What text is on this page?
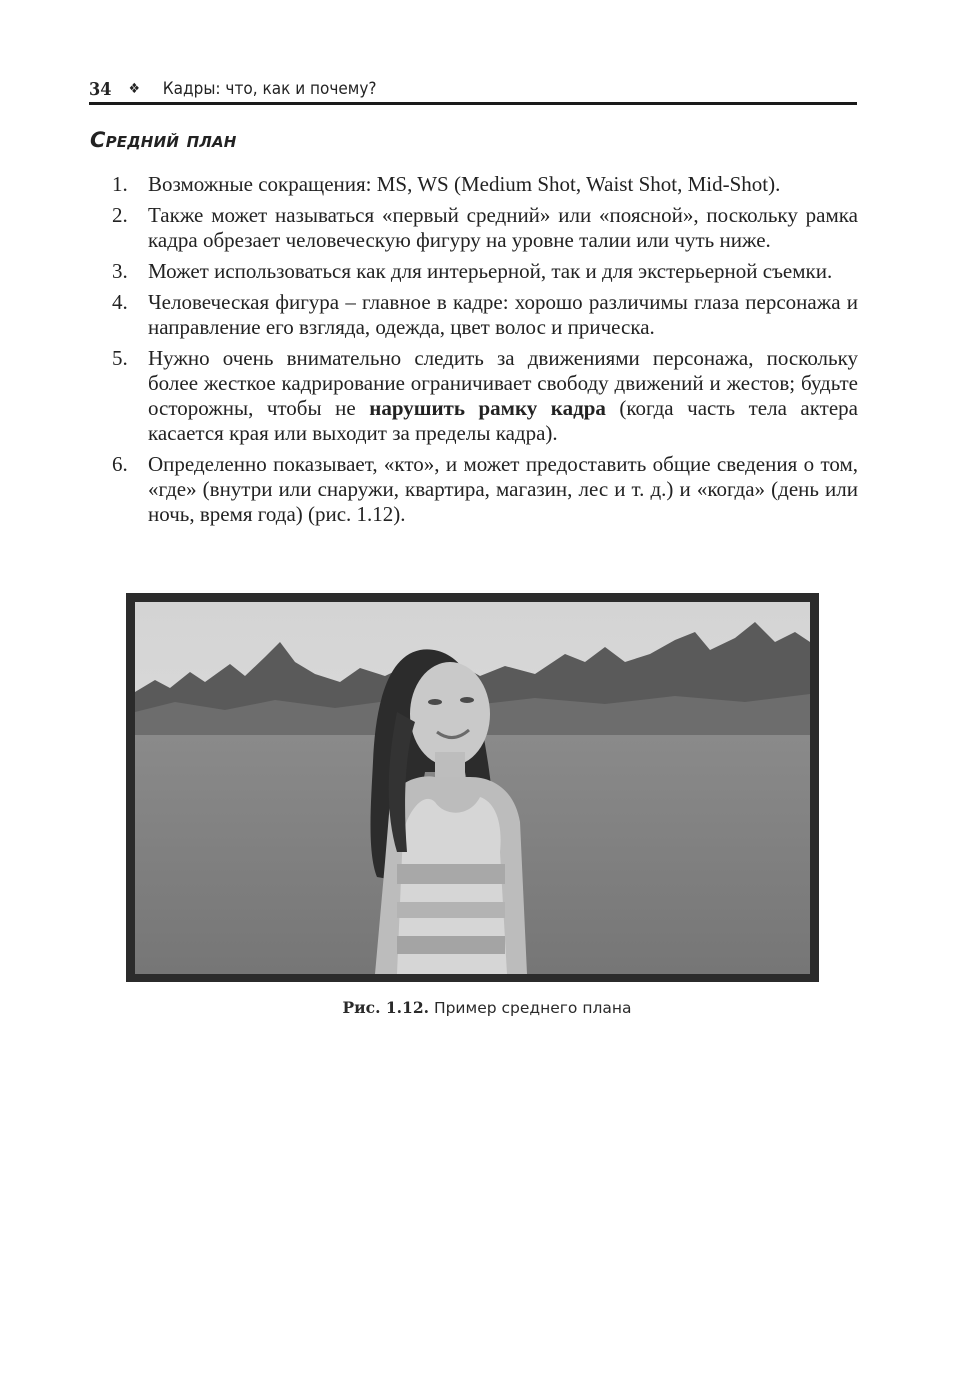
34	❖	Кадры: что, как и почему?
Средний план
1. Возможные сокращения: MS, WS (Medium Shot, Waist Shot, Mid-Shot).
2. Также может называться «первый средний» или «поясной», поскольку рамка кадра обрезает человеческую фигуру на уровне талии или чуть ниже.
3. Может использоваться как для интерьерной, так и для экстерьерной съемки.
4. Человеческая фигура – главное в кадре: хорошо различимы глаза персонажа и направление его взгляда, одежда, цвет волос и прическа.
5. Нужно очень внимательно следить за движениями персонажа, поскольку более жесткое кадрирование ограничивает свободу движений и жестов; будьте осторожны, чтобы не нарушить рамку кадра (когда часть тела актера касается края или выходит за пределы кадра).
6. Определенно показывает, «кто», и может предоставить общие сведения о том, «где» (внутри или снаружи, квартира, магазин, лес и т. д.) и «когда» (день или ночь, время года) (рис. 1.12).
Рис. 1.12. Пример среднего плана
